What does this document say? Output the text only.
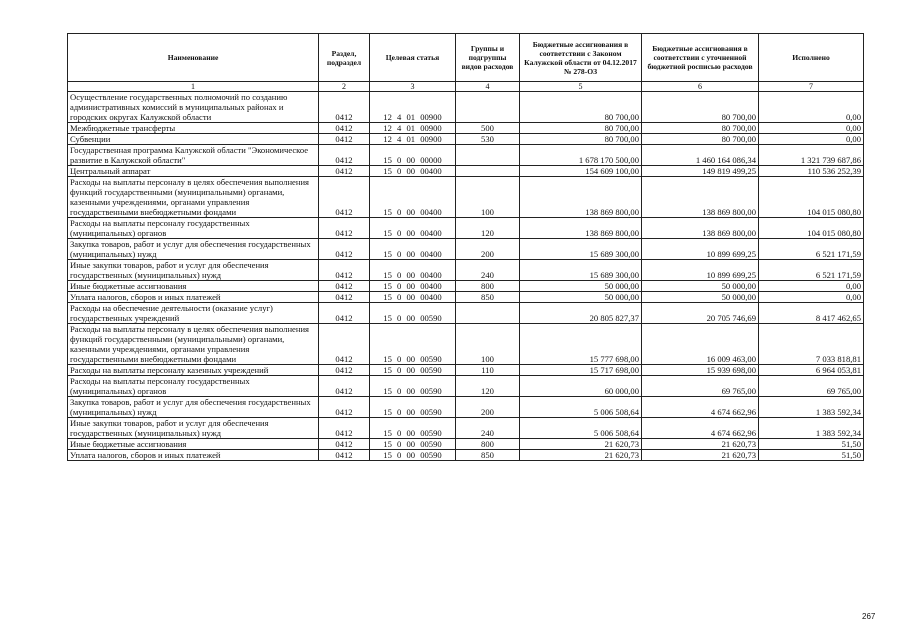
Наименование	Раздел, подраздел	Целевая статья	Группы и подгруппы видов расходов	Бюджетные ассигнования в соответствии с Законом Калужской области от 04.12.2017 № 278-ОЗ	Бюджетные ассигнования в соответствии с уточненной бюджетной росписью расходов	Исполнено
1	2	3	4	5	6	7
Осуществление государственных полномочий по созданию административных комиссий в муниципальных районах и городских округах Калужской области	0412	12 4 01 00900		80 700,00	80 700,00	0,00
Межбюджетные трансферты	0412	12 4 01 00900	500	80 700,00	80 700,00	0,00
Субвенции	0412	12 4 01 00900	530	80 700,00	80 700,00	0,00
Государственная программа Калужской области "Экономическое развитие в Калужской области"	0412	15 0 00 00000		1 678 170 500,00	1 460 164 086,34	1 321 739 687,86
Центральный аппарат	0412	15 0 00 00400		154 609 100,00	149 819 499,25	110 536 252,39
Расходы на выплаты персоналу в целях обеспечения выполнения функций государственными (муниципальными) органами, казенными учреждениями, органами управления государственными внебюджетными фондами	0412	15 0 00 00400	100	138 869 800,00	138 869 800,00	104 015 080,80
Расходы на выплаты персоналу государственных (муниципальных) органов	0412	15 0 00 00400	120	138 869 800,00	138 869 800,00	104 015 080,80
Закупка товаров, работ и услуг для обеспечения государственных (муниципальных) нужд	0412	15 0 00 00400	200	15 689 300,00	10 899 699,25	6 521 171,59
Иные закупки товаров, работ и услуг для обеспечения государственных (муниципальных) нужд	0412	15 0 00 00400	240	15 689 300,00	10 899 699,25	6 521 171,59
Иные бюджетные ассигнования	0412	15 0 00 00400	800	50 000,00	50 000,00	0,00
Уплата налогов, сборов и иных платежей	0412	15 0 00 00400	850	50 000,00	50 000,00	0,00
Расходы на обеспечение деятельности (оказание услуг) государственных учреждений	0412	15 0 00 00590		20 805 827,37	20 705 746,69	8 417 462,65
Расходы на выплаты персоналу в целях обеспечения выполнения функций государственными (муниципальными) органами, казенными учреждениями, органами управления государственными внебюджетными фондами	0412	15 0 00 00590	100	15 777 698,00	16 009 463,00	7 033 818,81
Расходы на выплаты персоналу казенных учреждений	0412	15 0 00 00590	110	15 717 698,00	15 939 698,00	6 964 053,81
Расходы на выплаты персоналу государственных (муниципальных) органов	0412	15 0 00 00590	120	60 000,00	69 765,00	69 765,00
Закупка товаров, работ и услуг для обеспечения государственных (муниципальных) нужд	0412	15 0 00 00590	200	5 006 508,64	4 674 662,96	1 383 592,34
Иные закупки товаров, работ и услуг для обеспечения государственных (муниципальных) нужд	0412	15 0 00 00590	240	5 006 508,64	4 674 662,96	1 383 592,34
Иные бюджетные ассигнования	0412	15 0 00 00590	800	21 620,73	21 620,73	51,50
Уплата налогов, сборов и иных платежей	0412	15 0 00 00590	850	21 620,73	21 620,73	51,50
267
